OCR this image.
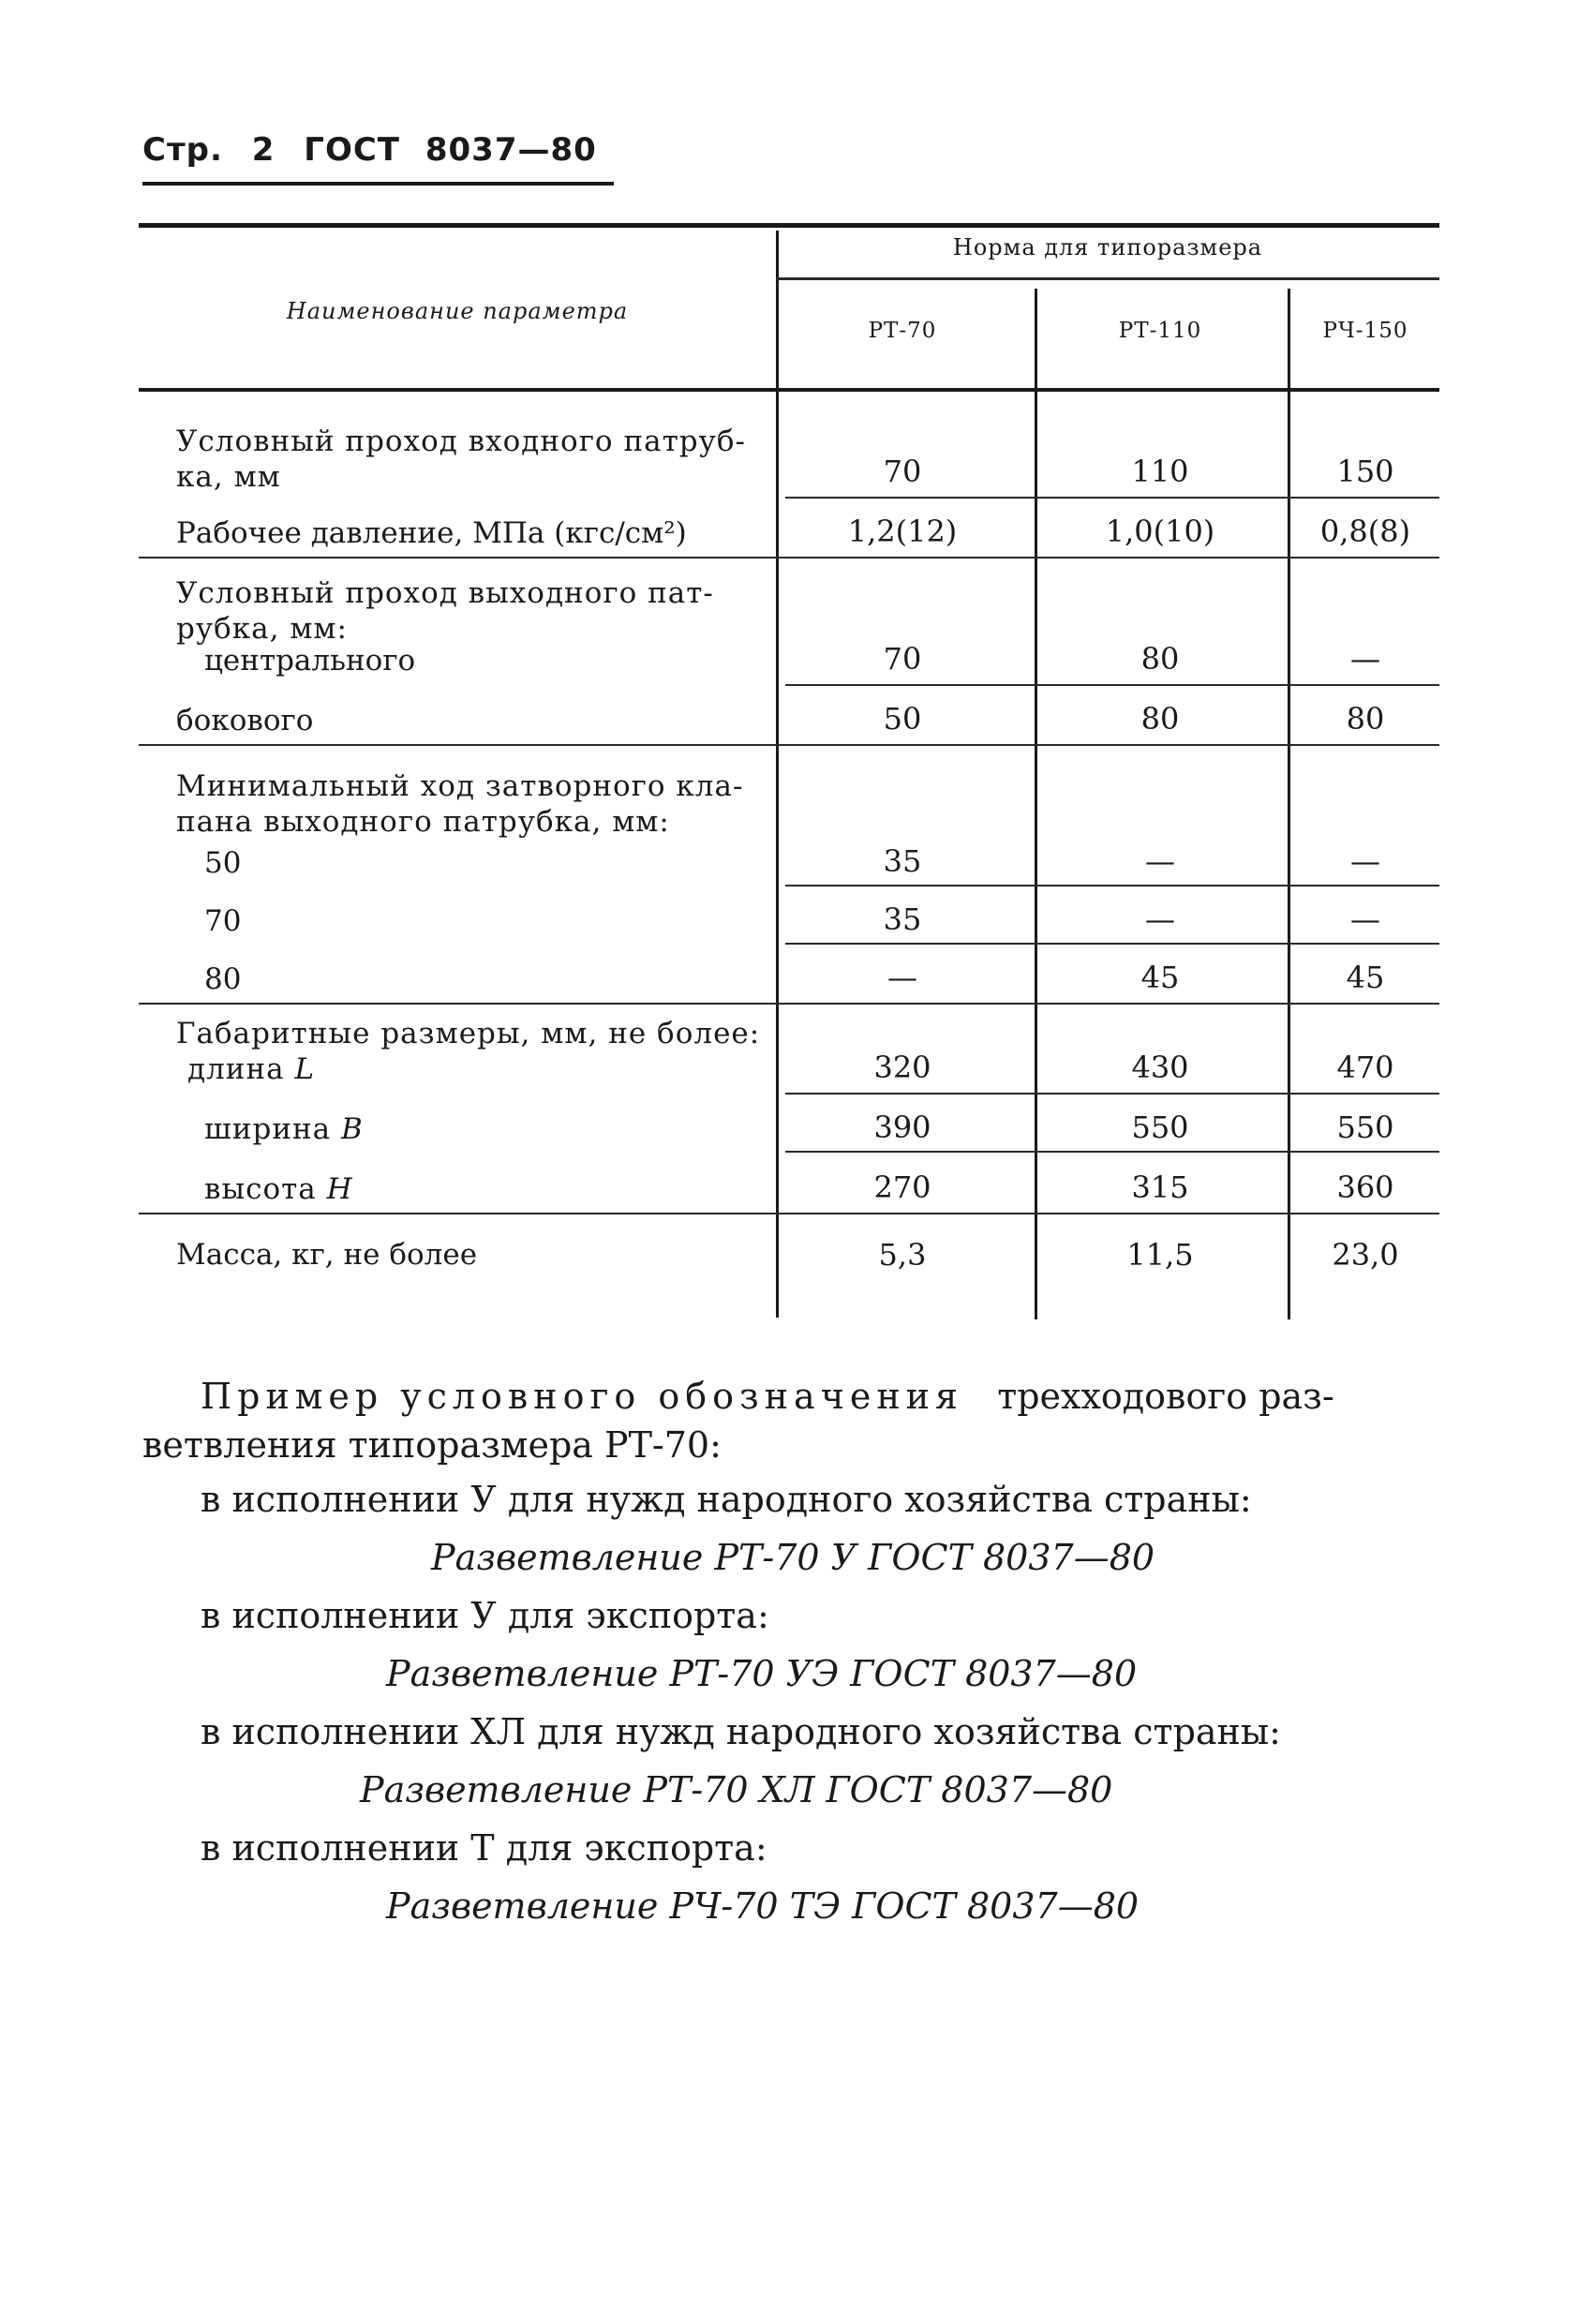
Стр. 2 ГОСТ 8037—80
Наименование параметра
Норма для типоразмера
РТ-70	РТ-110	РЧ-150
Условный проход входного патруб-
ка, мм	70	110	150
Рабочее давление, МПа (кгс/см²)	1,2(12)	1,0(10)	0,8(8)
Условный проход выходного пат-
рубка, мм:
центрального	70	80	—
бокового	50	80	80
Минимальный ход затворного кла-
пана выходного патрубка, мм:
50	35	—	—
70	35	—	—
80	—	45	45
Габаритные размеры, мм, не более:
длина L	320	430	470
ширина B	390	550	550
высота H	270	315	360
Масса, кг, не более	5,3	11,5	23,0
Пример условного обозначения трехходового раз-
ветвления типоразмера РТ-70:
в исполнении У для нужд народного хозяйства страны:
Разветвление РТ-70 У ГОСТ 8037—80
в исполнении У для экспорта:
Разветвление РТ-70 УЭ ГОСТ 8037—80
в исполнении ХЛ для нужд народного хозяйства страны:
Разветвление РТ-70 ХЛ ГОСТ 8037—80
в исполнении Т для экспорта:
Разветвление РЧ-70 ТЭ ГОСТ 8037—80
